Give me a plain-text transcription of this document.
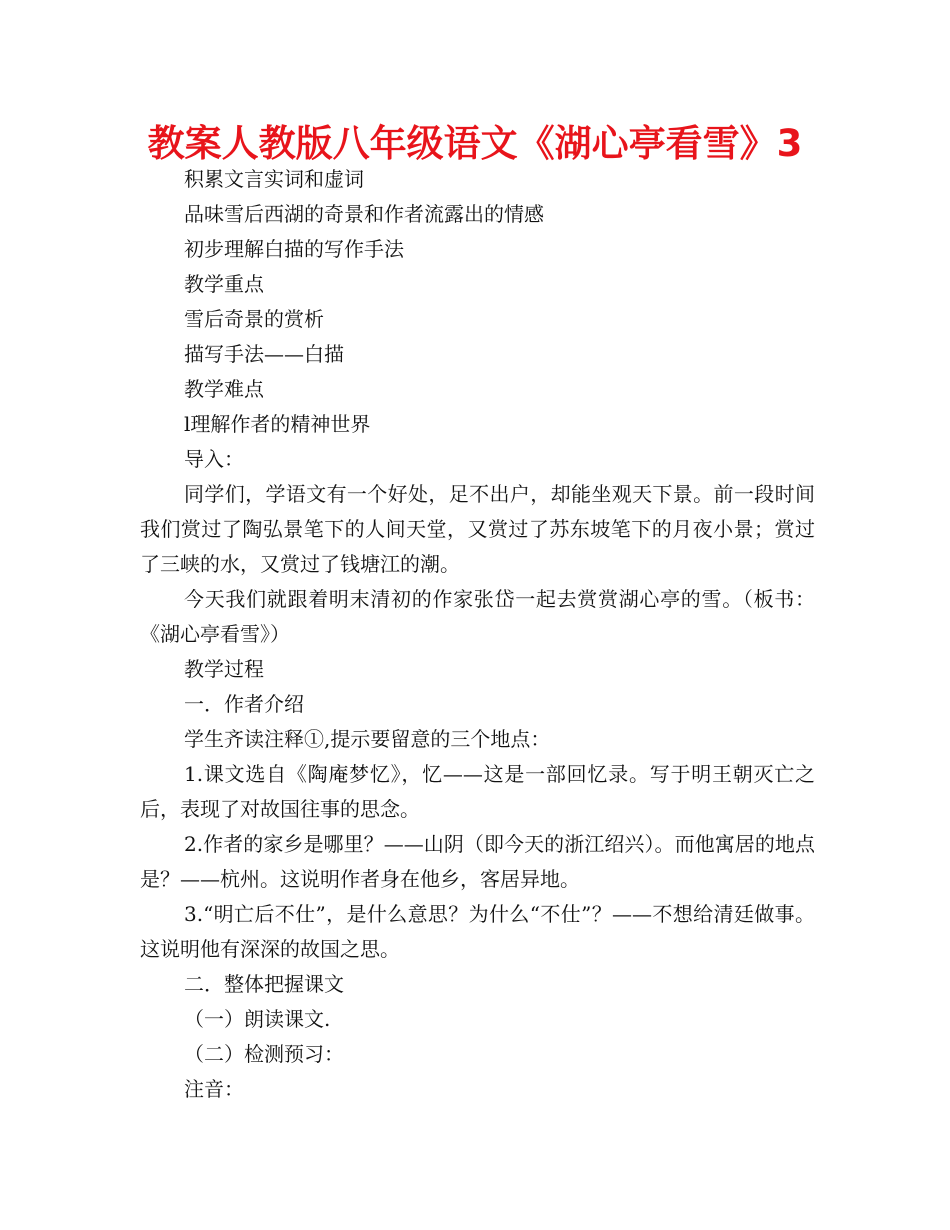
教案人教版八年级语文《湖心亭看雪》3

积累文言实词和虚词

品味雪后西湖的奇景和作者流露出的情感

初步理解白描的写作手法

教学重点

雪后奇景的赏析

描写手法——白描

教学难点

l理解作者的精神世界

导入：

同学们，学语文有一个好处，足不出户，却能坐观天下景。前一段时间我们赏过了陶弘景笔下的人间天堂，又赏过了苏东坡笔下的月夜小景；赏过了三峡的水，又赏过了钱塘江的潮。

今天我们就跟着明末清初的作家张岱一起去赏赏湖心亭的雪。（板书：《湖心亭看雪》）

教学过程

一．作者介绍

学生齐读注释①,提示要留意的三个地点：

1.课文选自《陶庵梦忆》，忆——这是一部回忆录。写于明王朝灭亡之后，表现了对故国往事的思念。

2.作者的家乡是哪里？——山阴（即今天的浙江绍兴）。而他寓居的地点是？——杭州。这说明作者身在他乡，客居异地。

3.“明亡后不仕”，是什么意思？为什么“不仕”？——不想给清廷做事。这说明他有深深的故国之思。

二．整体把握课文

（一）朗读课文.

（二）检测预习：

注音：
